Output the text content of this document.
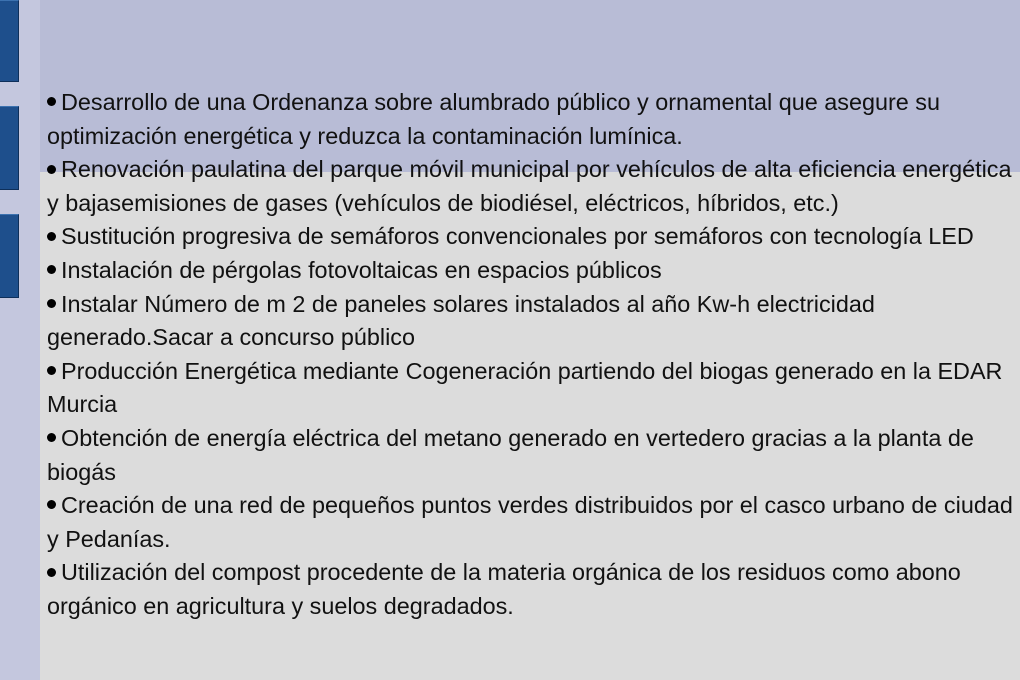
Desarrollo de una Ordenanza sobre alumbrado público y ornamental que asegure su optimización energética y reduzca la contaminación lumínica.
Renovación paulatina del parque móvil municipal por vehículos de alta eficiencia energética y bajasemisiones de gases (vehículos de biodiésel, eléctricos, híbridos, etc.)
Sustitución progresiva de semáforos convencionales por semáforos con tecnología LED
Instalación de pérgolas fotovoltaicas en espacios públicos
Instalar Número de m 2 de paneles solares instalados al año Kw-h electricidad generado.Sacar a concurso público
Producción Energética mediante Cogeneración partiendo del biogas generado en la EDAR Murcia
Obtención de energía eléctrica del metano generado en vertedero gracias a la planta de biogás
Creación de una red de pequeños puntos verdes distribuidos por el casco urbano de ciudad y Pedanías.
Utilización del compost procedente de la materia orgánica de los residuos como abono orgánico en agricultura y suelos degradados.
